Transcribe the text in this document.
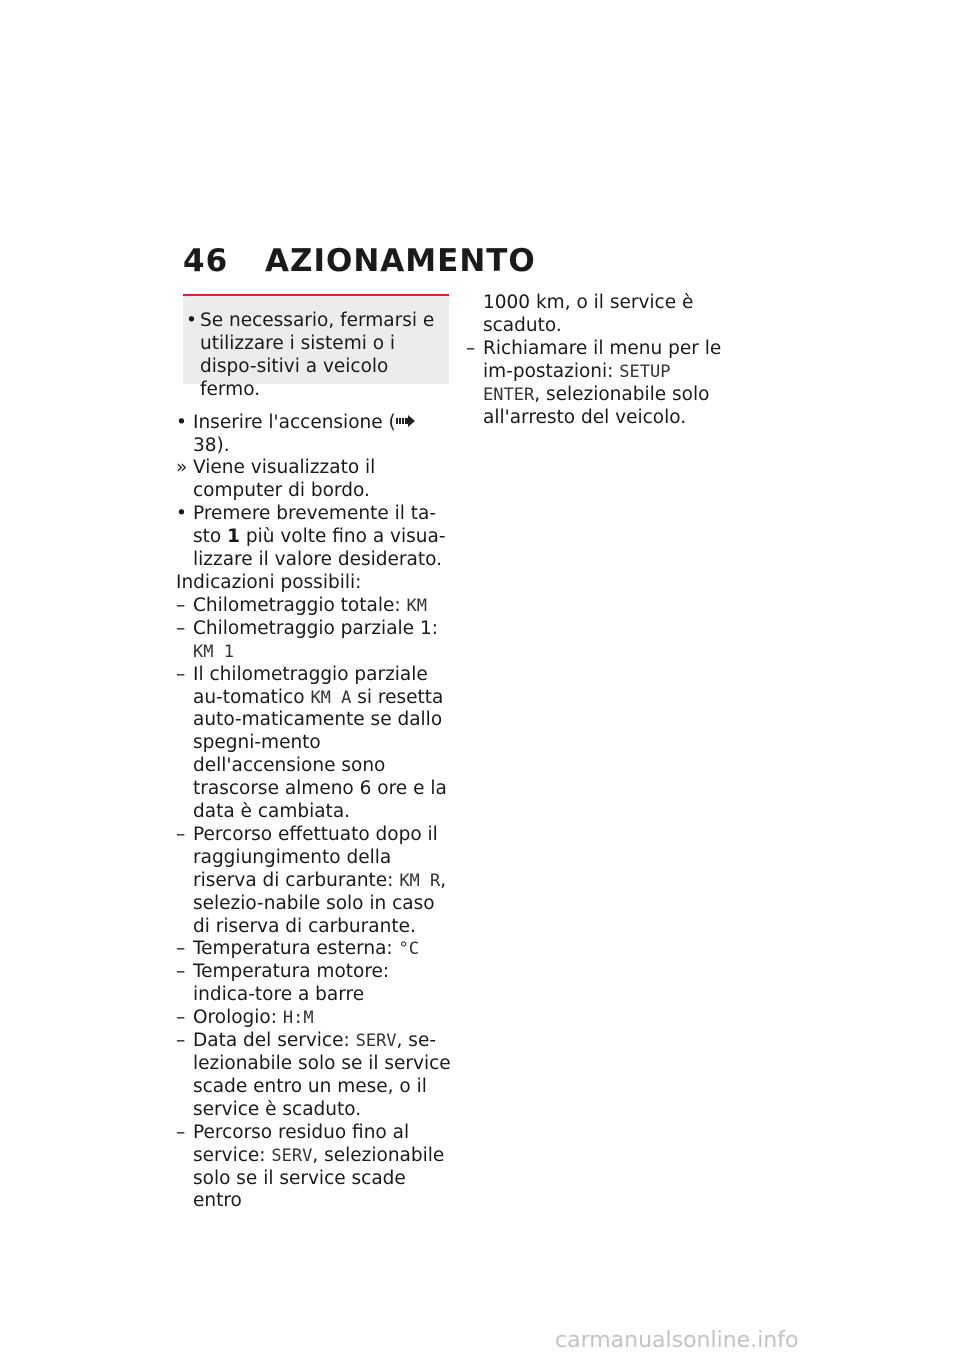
46 AZIONAMENTO
• Se necessario, fermarsi e utilizzare i sistemi o i dispo-sitivi a veicolo fermo.
• Inserire l'accensione ( 38).
» Viene visualizzato il computer di bordo.
• Premere brevemente il ta-sto 1 più volte fino a visua-lizzare il valore desiderato.
Indicazioni possibili:
– Chilometraggio totale: KM
– Chilometraggio parziale 1: KM 1
– Il chilometraggio parziale au-tomatico KM A si resetta auto-maticamente se dallo spegni-mento dell'accensione sono trascorse almeno 6 ore e la data è cambiata.
– Percorso effettuato dopo il raggiungimento della riserva di carburante: KM R, selezio-nabile solo in caso di riserva di carburante.
– Temperatura esterna: °C
– Temperatura motore: indica-tore a barre
– Orologio: H:M
– Data del service: SERV, se-lezionabile solo se il service scade entro un mese, o il service è scaduto.
– Percorso residuo fino al service: SERV, selezionabile solo se il service scade entro
1000 km, o il service è scaduto.
– Richiamare il menu per le im-postazioni: SETUP ENTER, selezionabile solo all'arresto del veicolo.
carmanualsonline.info
